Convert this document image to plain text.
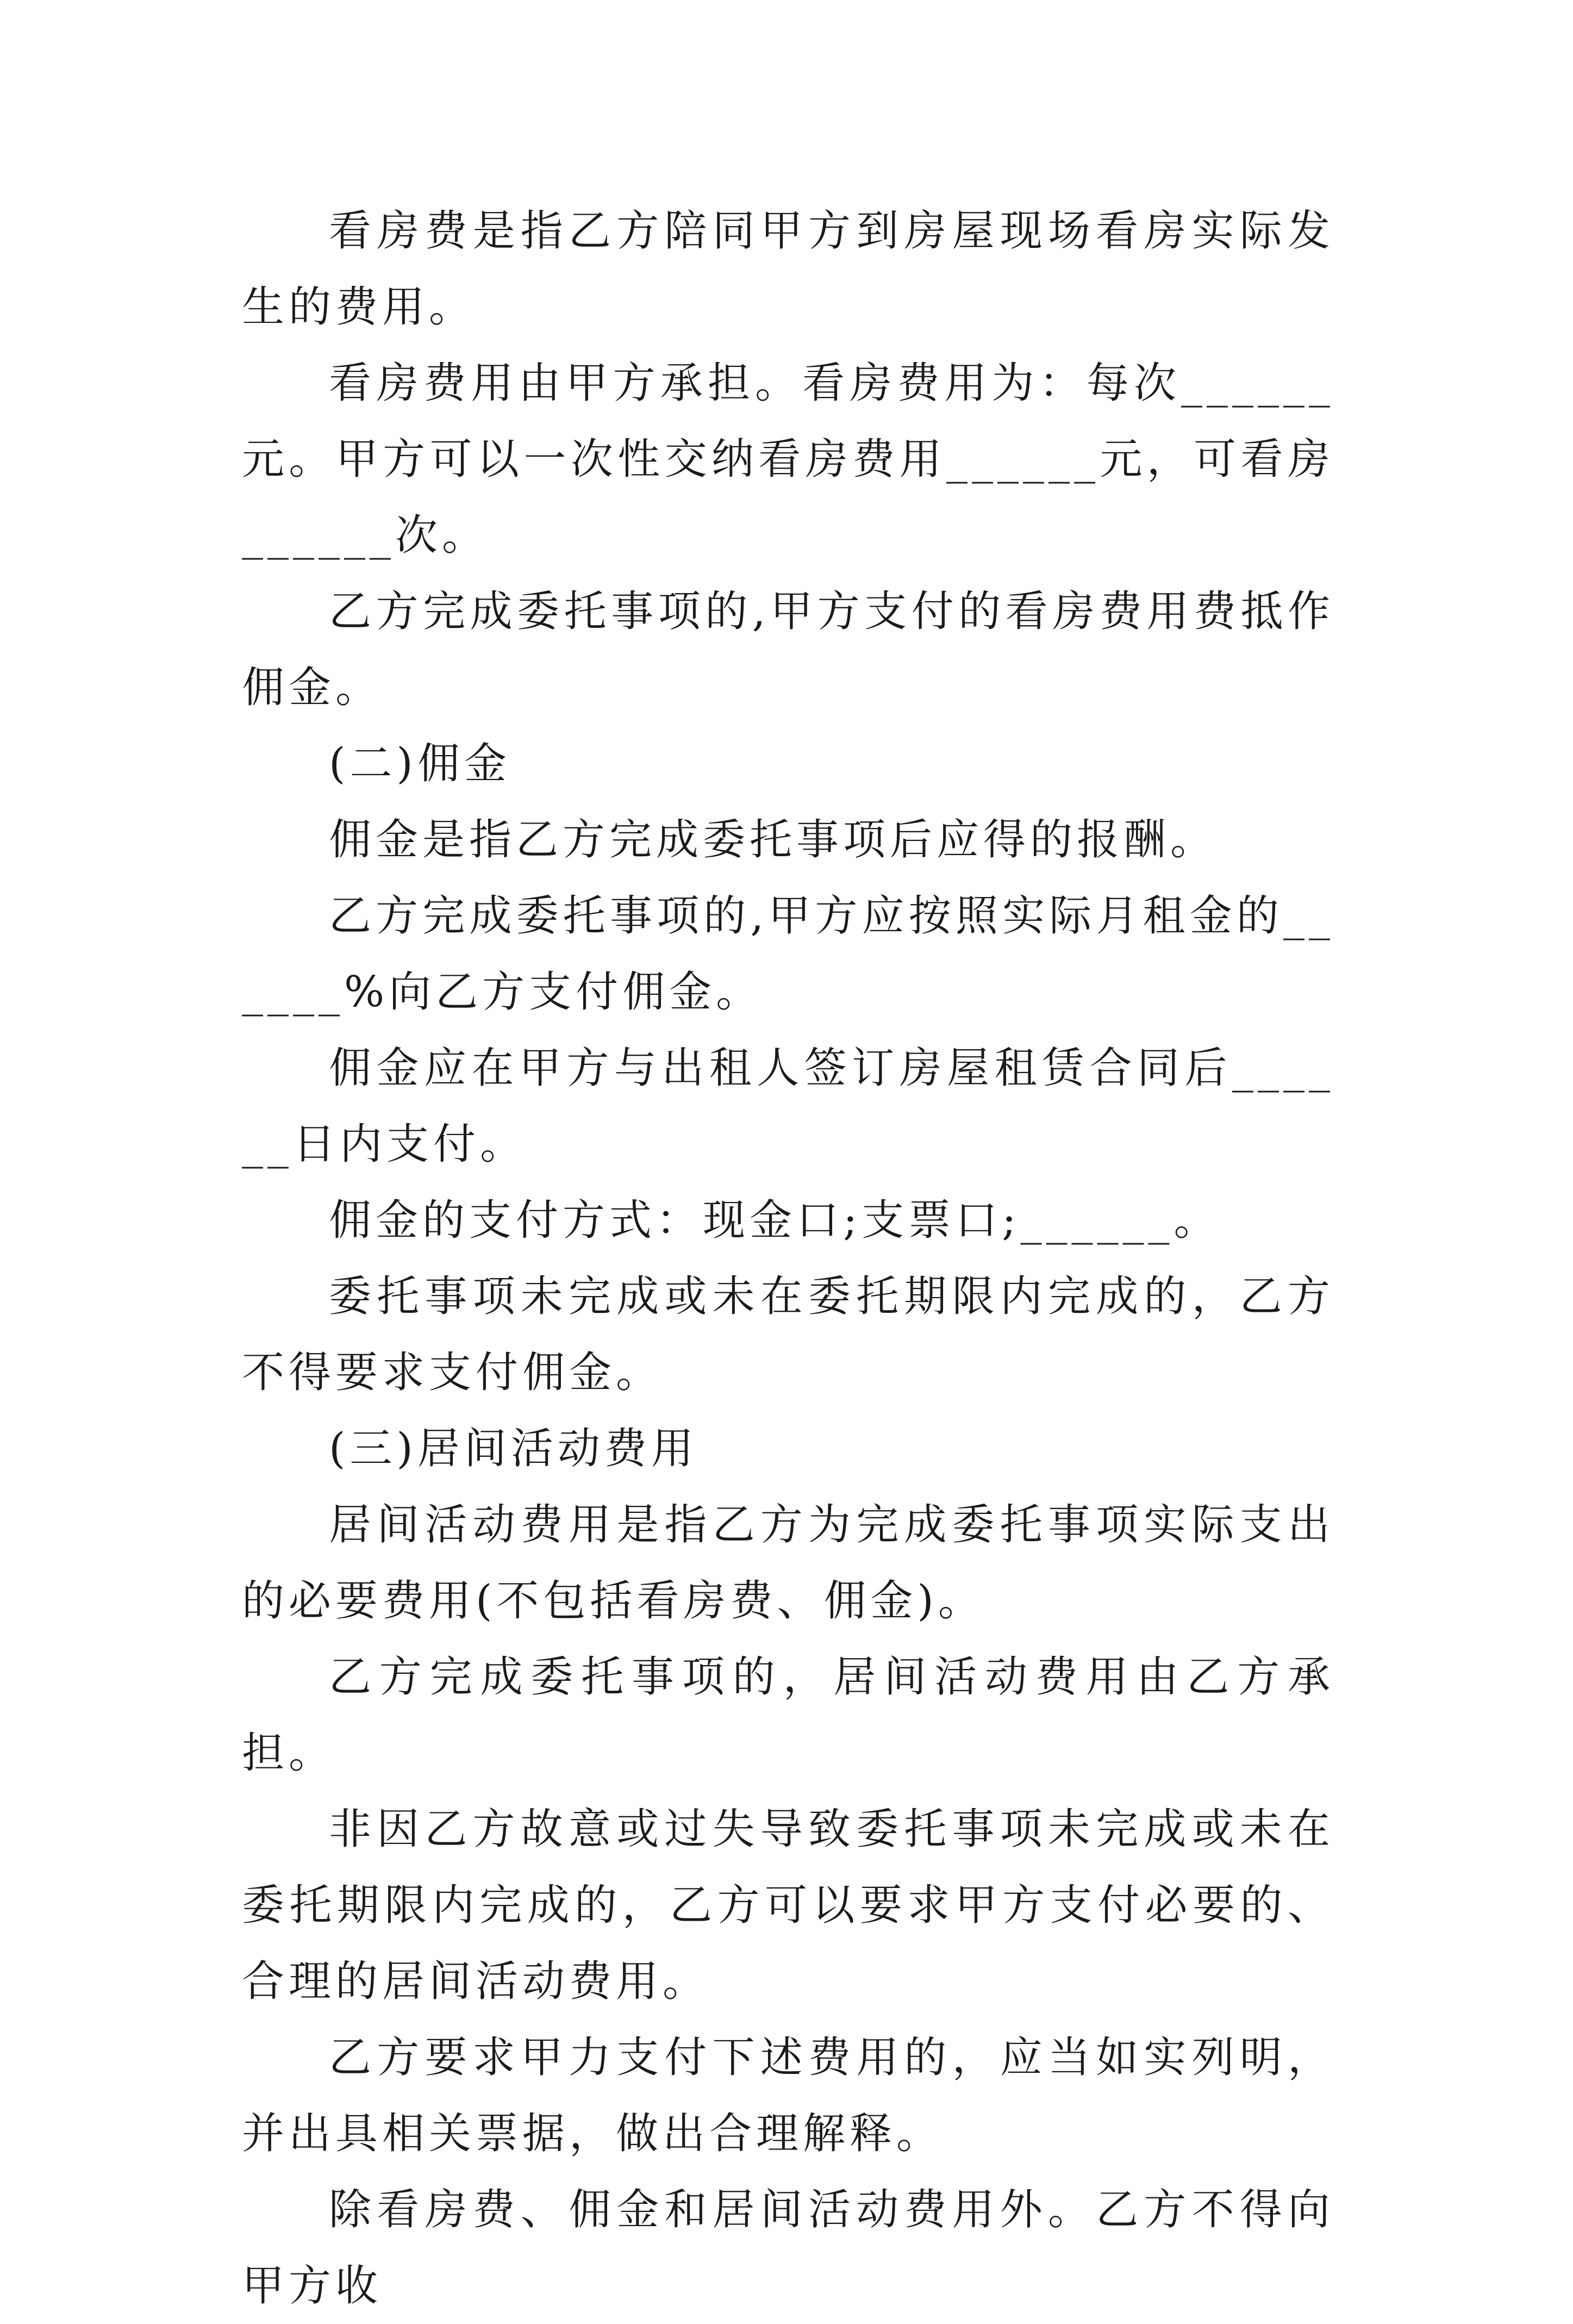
看房费是指乙方陪同甲方到房屋现场看房实际发生的费用。

看房费用由甲方承担。看房费用为：每次______元。甲方可以一次性交纳看房费用______元，可看房______次。

乙方完成委托事项的,甲方支付的看房费用费抵作佣金。

(二)佣金

佣金是指乙方完成委托事项后应得的报酬。

乙方完成委托事项的,甲方应按照实际月租金的______%向乙方支付佣金。

佣金应在甲方与出租人签订房屋租赁合同后______日内支付。

佣金的支付方式：现金口;支票口;______。

委托事项未完成或未在委托期限内完成的，乙方不得要求支付佣金。

(三)居间活动费用

居间活动费用是指乙方为完成委托事项实际支出的必要费用(不包括看房费、佣金)。

乙方完成委托事项的，居间活动费用由乙方承担。

非因乙方故意或过失导致委托事项未完成或未在委托期限内完成的，乙方可以要求甲方支付必要的、合理的居间活动费用。

乙方要求甲力支付下述费用的，应当如实列明，并出具相关票据，做出合理解释。

除看房费、佣金和居间活动费用外。乙方不得向甲方收
